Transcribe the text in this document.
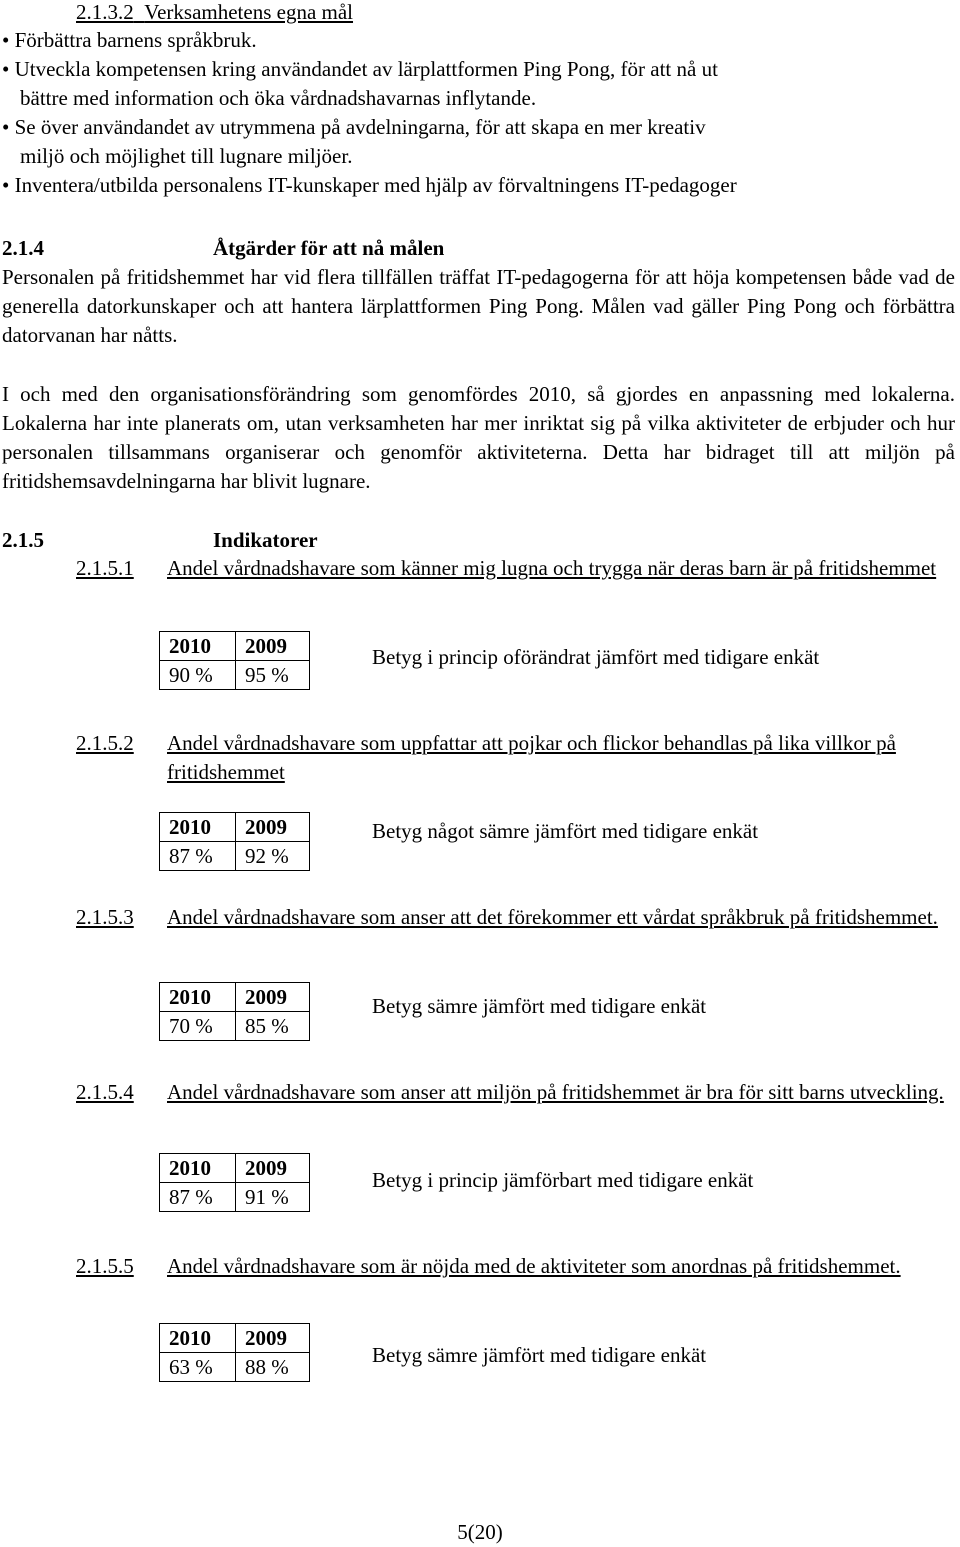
2.1.3.2 Verksamhetens egna mål
• Förbättra barnens språkbruk.
• Utveckla kompetensen kring användandet av lärplattformen Ping Pong, för att nå ut
bättre med information och öka vårdnadshavarnas inflytande.
• Se över användandet av utrymmena på avdelningarna, för att skapa en mer kreativ
miljö och möjlighet till lugnare miljöer.
• Inventera/utbilda personalens IT-kunskaper med hjälp av förvaltningens IT-pedagoger
2.1.4	Åtgärder för att nå målen
Personalen på fritidshemmet har vid flera tillfällen träffat IT-pedagogerna för att höja kompetensen både vad de generella datorkunskaper och att hantera lärplattformen Ping Pong. Målen vad gäller Ping Pong och förbättra datorvanan har nåtts.
I och med den organisationsförändring som genomfördes 2010, så gjordes en anpassning med lokalerna. Lokalerna har inte planerats om, utan verksamheten har mer inriktat sig på vilka aktiviteter de erbjuder och hur personalen tillsammans organiserar och genomför aktiviteterna. Detta har bidraget till att miljön på fritidshemsavdelningarna har blivit lugnare.
2.1.5	Indikatorer
2.1.5.1 Andel vårdnadshavare som känner mig lugna och trygga när deras barn är på fritidshemmet
2010	2009
90 %	95 %
Betyg i princip oförändrat jämfört med tidigare enkät
2.1.5.2 Andel vårdnadshavare som uppfattar att pojkar och flickor behandlas på lika villkor på fritidshemmet
2010	2009
87 %	92 %
Betyg något sämre jämfört med tidigare enkät
2.1.5.3 Andel vårdnadshavare som anser att det förekommer ett vårdat språkbruk på fritidshemmet.
2010	2009
70 %	85 %
Betyg sämre jämfört med tidigare enkät
2.1.5.4 Andel vårdnadshavare som anser att miljön på fritidshemmet är bra för sitt barns utveckling.
2010	2009
87 %	91 %
Betyg i princip jämförbart med tidigare enkät
2.1.5.5 Andel vårdnadshavare som är nöjda med de aktiviteter som anordnas på fritidshemmet.
2010	2009
63 %	88 %	Betyg sämre jämfört med tidigare enkät
5(20)
